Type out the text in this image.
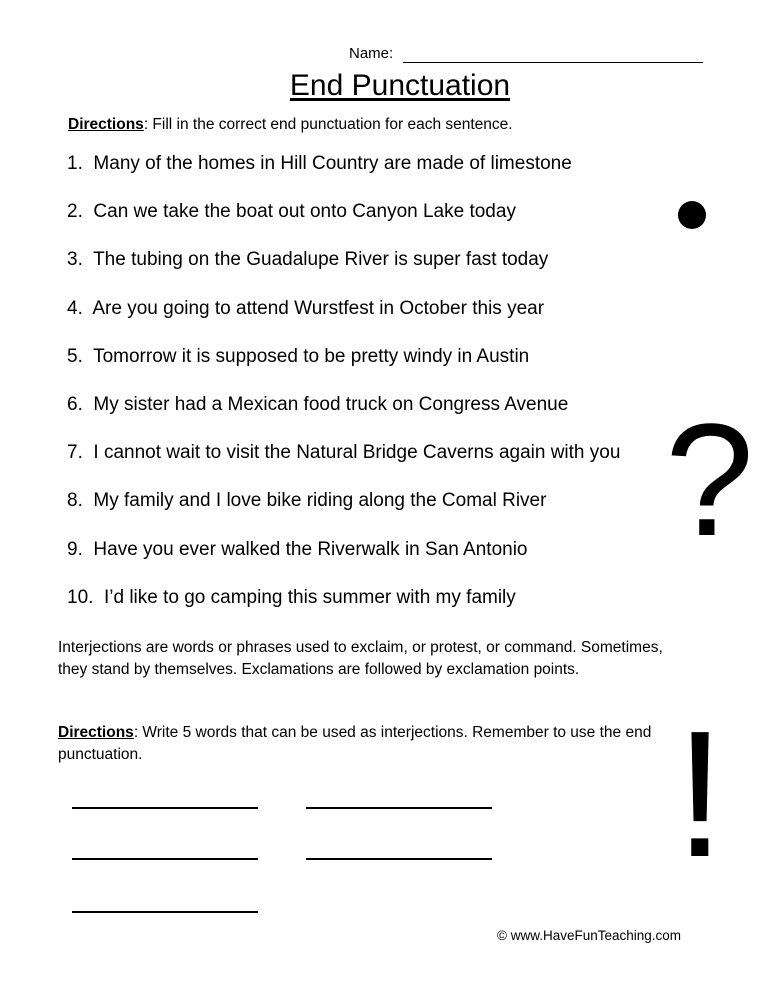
Name:
End Punctuation
Directions: Fill in the correct end punctuation for each sentence.
1. Many of the homes in Hill Country are made of limestone
2. Can we take the boat out onto Canyon Lake today
3. The tubing on the Guadalupe River is super fast today
4. Are you going to attend Wurstfest in October this year
5. Tomorrow it is supposed to be pretty windy in Austin
6. My sister had a Mexican food truck on Congress Avenue
7. I cannot wait to visit the Natural Bridge Caverns again with you
8. My family and I love bike riding along the Comal River
9. Have you ever walked the Riverwalk in San Antonio
10. I’d like to go camping this summer with my family
?
!
Interjections are words or phrases used to exclaim, or protest, or command. Sometimes, they stand by themselves. Exclamations are followed by exclamation points.
Directions: Write 5 words that can be used as interjections. Remember to use the end punctuation.
© www.HaveFunTeaching.com
